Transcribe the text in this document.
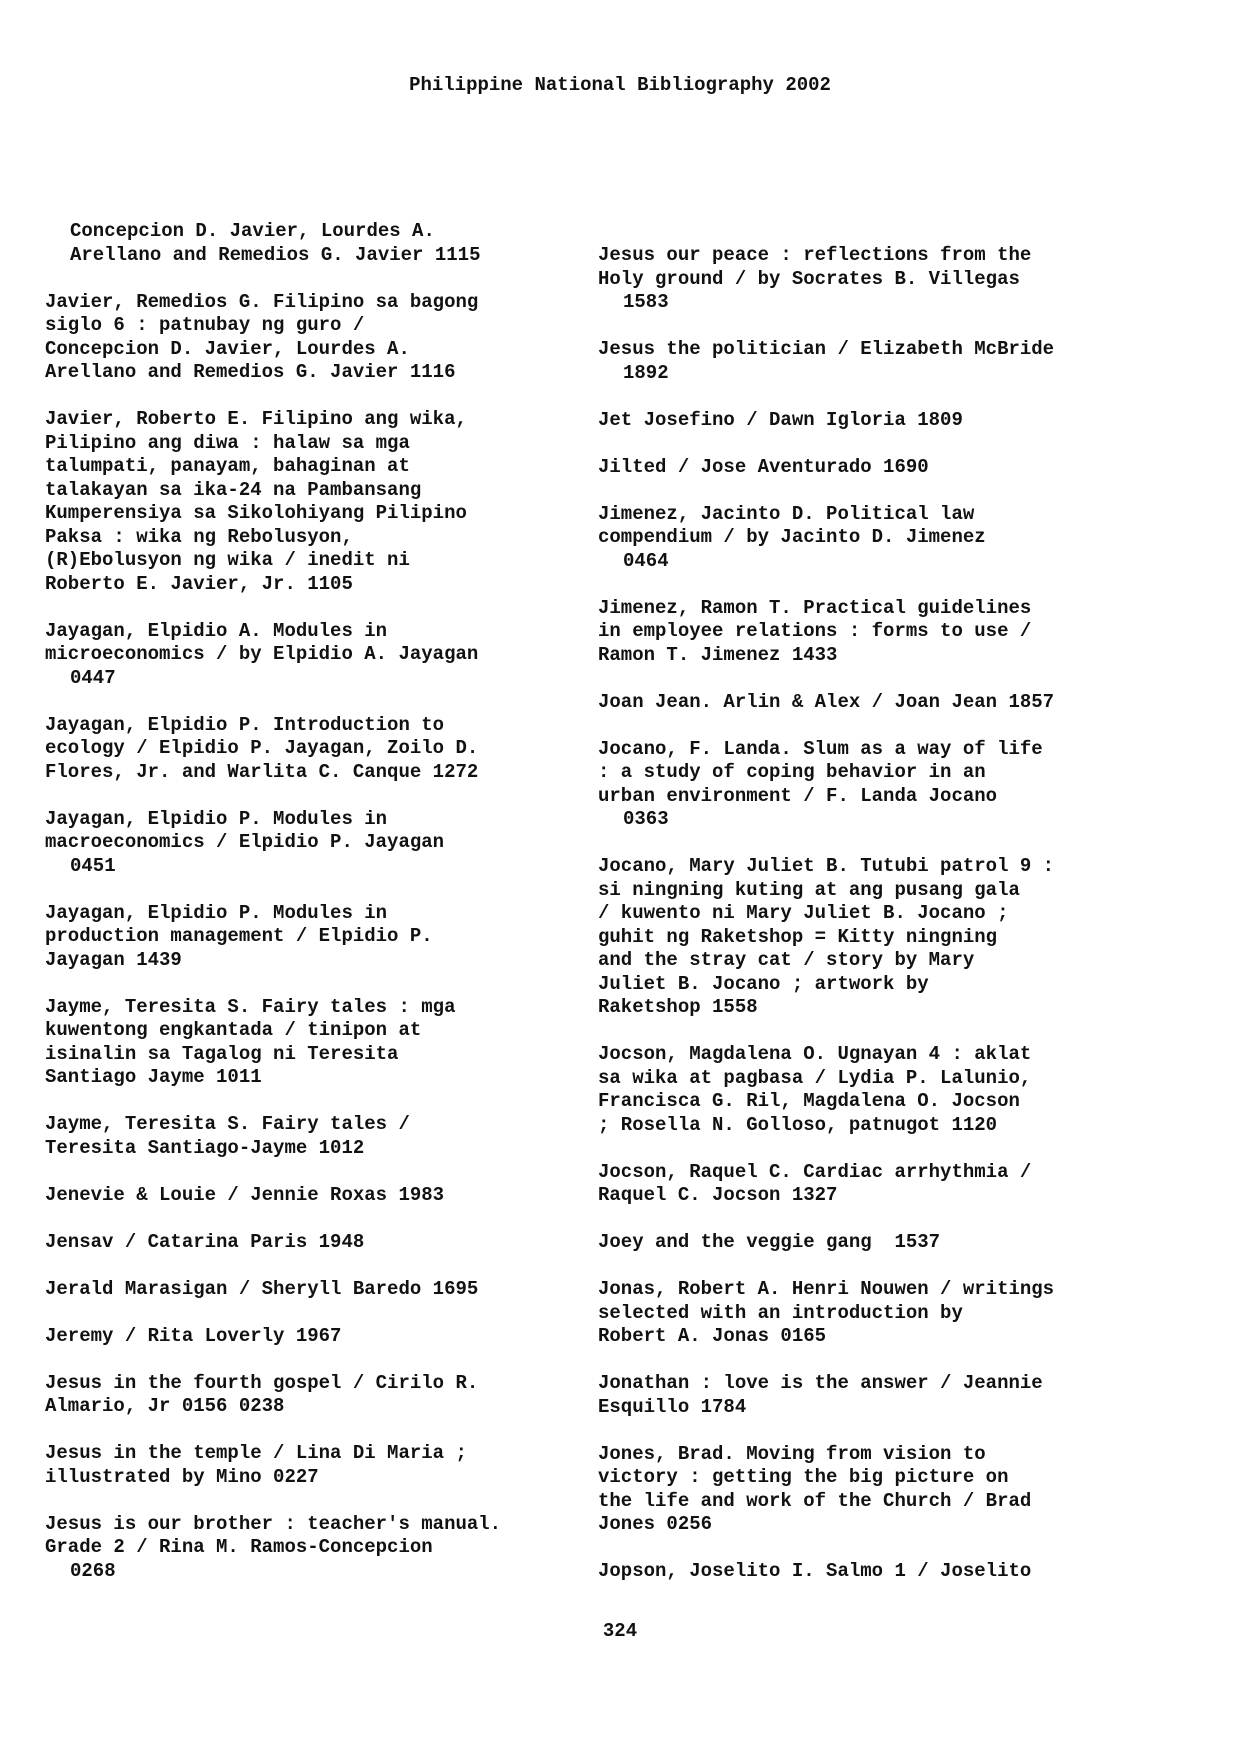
Philippine National Bibliography 2002
Concepcion D. Javier, Lourdes A.
Arellano and Remedios G. Javier 1115
Javier, Remedios G. Filipino sa bagong
siglo 6 : patnubay ng guro /
Concepcion D. Javier, Lourdes A.
Arellano and Remedios G. Javier 1116
Javier, Roberto E. Filipino ang wika,
Pilipino ang diwa : halaw sa mga
talumpati, panayam, bahaginan at
talakayan sa ika-24 na Pambansang
Kumperensiya sa Sikolohiyang Pilipino
Paksa : wika ng Rebolusyon,
(R)Ebolusyon ng wika / inedit ni
Roberto E. Javier, Jr. 1105
Jayagan, Elpidio A. Modules in
microeconomics / by Elpidio A. Jayagan
0447
Jayagan, Elpidio P. Introduction to
ecology / Elpidio P. Jayagan, Zoilo D.
Flores, Jr. and Warlita C. Canque 1272
Jayagan, Elpidio P. Modules in
macroeconomics / Elpidio P. Jayagan
0451
Jayagan, Elpidio P. Modules in
production management / Elpidio P.
Jayagan 1439
Jayme, Teresita S. Fairy tales : mga
kuwentong engkantada / tinipon at
isinalin sa Tagalog ni Teresita
Santiago Jayme 1011
Jayme, Teresita S. Fairy tales /
Teresita Santiago-Jayme 1012
Jenevie & Louie / Jennie Roxas 1983
Jensav / Catarina Paris 1948
Jerald Marasigan / Sheryll Baredo 1695
Jeremy / Rita Loverly 1967
Jesus in the fourth gospel / Cirilo R.
Almario, Jr 0156 0238
Jesus in the temple / Lina Di Maria ;
illustrated by Mino 0227
Jesus is our brother : teacher's manual.
Grade 2 / Rina M. Ramos-Concepcion
0268
Jesus our peace : reflections from the
Holy ground / by Socrates B. Villegas
1583
Jesus the politician / Elizabeth McBride
1892
Jet Josefino / Dawn Igloria 1809
Jilted / Jose Aventurado 1690
Jimenez, Jacinto D. Political law
compendium / by Jacinto D. Jimenez
0464
Jimenez, Ramon T. Practical guidelines
in employee relations : forms to use /
Ramon T. Jimenez 1433
Joan Jean. Arlin & Alex / Joan Jean 1857
Jocano, F. Landa. Slum as a way of life
: a study of coping behavior in an
urban environment / F. Landa Jocano
0363
Jocano, Mary Juliet B. Tutubi patrol 9 :
si ningning kuting at ang pusang gala
/ kuwento ni Mary Juliet B. Jocano ;
guhit ng Raketshop = Kitty ningning
and the stray cat / story by Mary
Juliet B. Jocano ; artwork by
Raketshop 1558
Jocson, Magdalena O. Ugnayan 4 : aklat
sa wika at pagbasa / Lydia P. Lalunio,
Francisca G. Ril, Magdalena O. Jocson
; Rosella N. Golloso, patnugot 1120
Jocson, Raquel C. Cardiac arrhythmia /
Raquel C. Jocson 1327
Joey and the veggie gang  1537
Jonas, Robert A. Henri Nouwen / writings
selected with an introduction by
Robert A. Jonas 0165
Jonathan : love is the answer / Jeannie
Esquillo 1784
Jones, Brad. Moving from vision to
victory : getting the big picture on
the life and work of the Church / Brad
Jones 0256
Jopson, Joselito I. Salmo 1 / Joselito
324
